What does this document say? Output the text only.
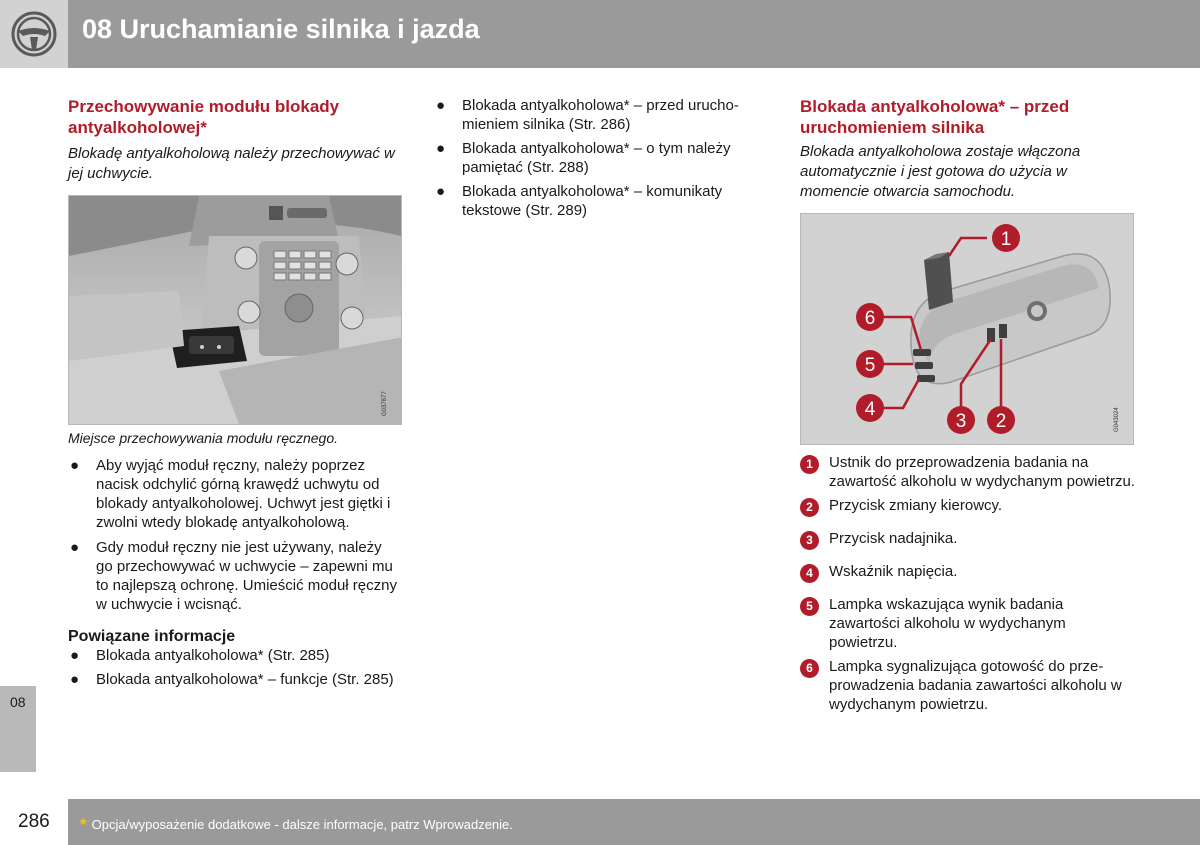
08 Uruchamianie silnika i jazda
08
Przechowywanie modułu blokady antyalkoholowej*

Blokadę antyalkoholową należy przechowywać w jej uchwycie.

G037877

Miejsce przechowywania modułu ręcznego.

● Aby wyjąć moduł ręczny, należy poprzez nacisk odchylić górną krawędź uchwytu od blokady antyalkoholowej. Uchwyt jest giętki i zwolni wtedy blokadę antyalkoholową.
● Gdy moduł ręczny nie jest używany, należy go przechowywać w uchwycie – zapewni mu to najlepszą ochronę. Umieścić moduł ręczny w uchwycie i wcisnąć.
Powiązane informacje
● Blokada antyalkoholowa* (Str. 285)
● Blokada antyalkoholowa* – funkcje (Str. 285)
● Blokada antyalkoholowa* – przed uruchomieniem silnika (Str. 286)
● Blokada antyalkoholowa* – o tym należy pamiętać (Str. 288)
● Blokada antyalkoholowa* – komunikaty tekstowe (Str. 289)
Blokada antyalkoholowa* – przed uruchomieniem silnika

Blokada antyalkoholowa zostaje włączona automatycznie i jest gotowa do użycia w momencie otwarcia samochodu.

1
6
5
4
3 2	G043024
1	Ustnik do przeprowadzenia badania na zawartość alkoholu w wydychanym powietrzu.
2	Przycisk zmiany kierowcy.
3	Przycisk nadajnika.
4	Wskaźnik napięcia.
5	Lampka wskazująca wynik badania zawartości alkoholu w wydychanym powietrzu.
6	Lampka sygnalizująca gotowość do przeprowadzenia badania zawartości alkoholu w wydychanym powietrzu.
286 * Opcja/wyposażenie dodatkowe - dalsze informacje, patrz Wprowadzenie.
